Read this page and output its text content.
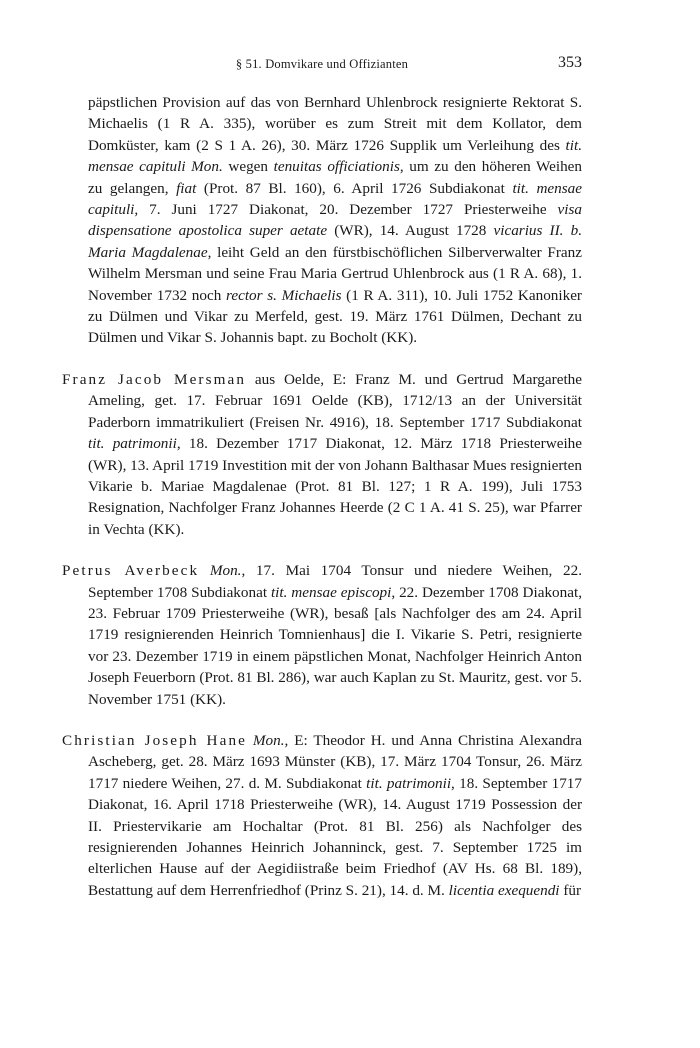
§ 51. Domvikare und Offizianten	353

päpstlichen Provision auf das von Bernhard Uhlenbrock resignierte Rektorat S. Michaelis (1 R A. 335), worüber es zum Streit mit dem Kollator, dem Domküster, kam (2 S 1 A. 26), 30. März 1726 Supplik um Verleihung des tit. mensae capituli Mon. wegen tenuitas officiationis, um zu den höheren Weihen zu gelangen, fiat (Prot. 87 Bl. 160), 6. April 1726 Subdiakonat tit. mensae capituli, 7. Juni 1727 Diakonat, 20. Dezember 1727 Priesterweihe visa dispensatione apostolica super aetate (WR), 14. August 1728 vicarius II. b. Maria Magdalenae, leiht Geld an den fürstbischöflichen Silberverwalter Franz Wilhelm Mersman und seine Frau Maria Gertrud Uhlenbrock aus (1 R A. 68), 1. November 1732 noch rector s. Michaelis (1 R A. 311), 10. Juli 1752 Kanoniker zu Dülmen und Vikar zu Merfeld, gest. 19. März 1761 Dülmen, Dechant zu Dülmen und Vikar S. Johannis bapt. zu Bocholt (KK).

Franz Jacob Mersman aus Oelde, E: Franz M. und Gertrud Margarethe Ameling, get. 17. Februar 1691 Oelde (KB), 1712/13 an der Universität Paderborn immatrikuliert (Freisen Nr. 4916), 18. September 1717 Subdiakonat tit. patrimonii, 18. Dezember 1717 Diakonat, 12. März 1718 Priesterweihe (WR), 13. April 1719 Investition mit der von Johann Balthasar Mues resignierten Vikarie b. Mariae Magdalenae (Prot. 81 Bl. 127; 1 R A. 199), Juli 1753 Resignation, Nachfolger Franz Johannes Heerde (2 C 1 A. 41 S. 25), war Pfarrer in Vechta (KK).

Petrus Averbeck Mon., 17. Mai 1704 Tonsur und niedere Weihen, 22. September 1708 Subdiakonat tit. mensae episcopi, 22. Dezember 1708 Diakonat, 23. Februar 1709 Priesterweihe (WR), besaß [als Nachfolger des am 24. April 1719 resignierenden Heinrich Tomnienhaus] die I. Vikarie S. Petri, resignierte vor 23. Dezember 1719 in einem päpstlichen Monat, Nachfolger Heinrich Anton Joseph Feuerborn (Prot. 81 Bl. 286), war auch Kaplan zu St. Mauritz, gest. vor 5. November 1751 (KK).

Christian Joseph Hane Mon., E: Theodor H. und Anna Christina Alexandra Ascheberg, get. 28. März 1693 Münster (KB), 17. März 1704 Tonsur, 26. März 1717 niedere Weihen, 27. d. M. Subdiakonat tit. patrimonii, 18. September 1717 Diakonat, 16. April 1718 Priesterweihe (WR), 14. August 1719 Possession der II. Priestervikarie am Hochaltar (Prot. 81 Bl. 256) als Nachfolger des resignierenden Johannes Heinrich Johanninck, gest. 7. September 1725 im elterlichen Hause auf der Aegidiistraße beim Friedhof (AV Hs. 68 Bl. 189), Bestattung auf dem Herrenfriedhof (Prinz S. 21), 14. d. M. licentia exequendi für
